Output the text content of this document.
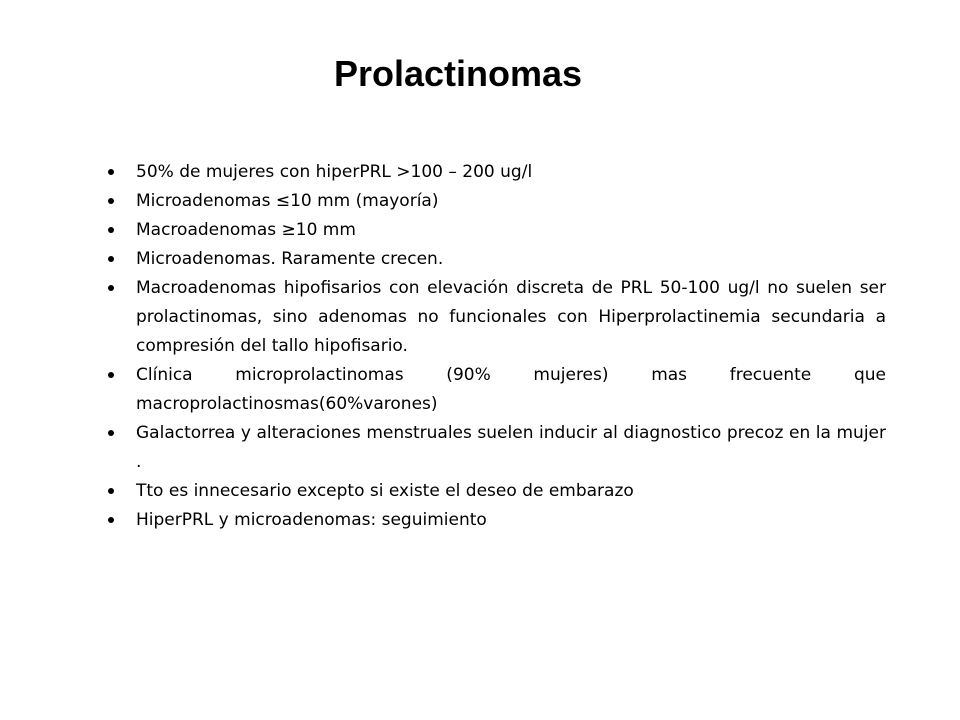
Prolactinomas
50% de mujeres con hiperPRL >100 – 200 ug/l
Microadenomas ≤10 mm (mayoría)
Macroadenomas ≥10 mm
Microadenomas. Raramente crecen.
Macroadenomas hipofisarios con elevación discreta de PRL 50-100 ug/l no suelen ser prolactinomas, sino adenomas no funcionales con Hiperprolactinemia secundaria a compresión del tallo hipofisario.
Clínica microprolactinomas (90% mujeres) mas frecuente que macroprolactinosmas(60%varones)
Galactorrea y alteraciones menstruales suelen inducir al diagnostico precoz en la mujer .
Tto es innecesario excepto si existe el deseo de embarazo
HiperPRL y microadenomas: seguimiento
